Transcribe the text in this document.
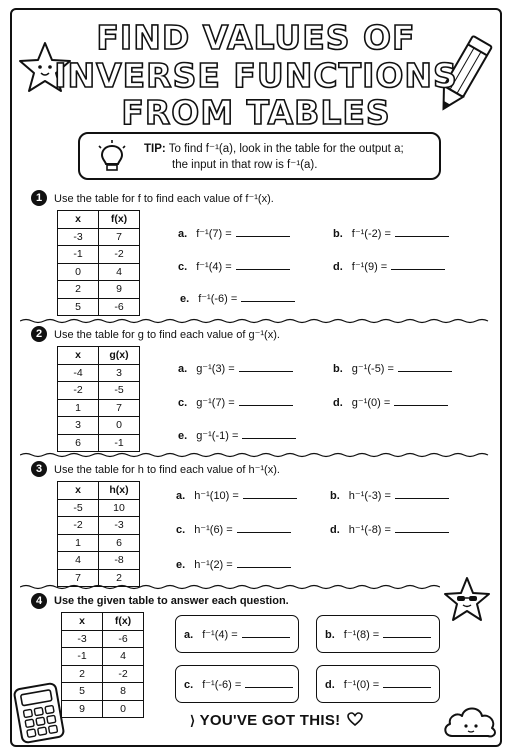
FIND VALUES OF
INVERSE FUNCTIONS
FROM TABLES
TIP: To find f⁻¹(a), look in the table for the output a;
the input in that row is f⁻¹(a).
1	Use the table for f to find each value of f⁻¹(x).
x	f(x)
-3	7
-1	-2
0	4
2	9
5	-6
a. f⁻¹(7) =	b. f⁻¹(-2) =
c. f⁻¹(4) =	d. f⁻¹(9) =
e. f⁻¹(-6) =
2	Use the table for g to find each value of g⁻¹(x).
x	g(x)
-4	3
-2	-5
1	7
3	0
6	-1
a. g⁻¹(3) =	b. g⁻¹(-5) =
c. g⁻¹(7) =	d. g⁻¹(0) =
e. g⁻¹(-1) =
3	Use the table for h to find each value of h⁻¹(x).
x	h(x)
-5	10
-2	-3
1	6
4	-8
7	2
a. h⁻¹(10) =	b. h⁻¹(-3) =
c. h⁻¹(6) =	d. h⁻¹(-8) =
e. h⁻¹(2) =
4	Use the given table to answer each question.
x	f(x)
-3	-6
-1	4
2	-2
5	8
9	0
a. f⁻¹(4) =	b. f⁻¹(8) =
c. f⁻¹(-6) =	d. f⁻¹(0) =
⟩ YOU'VE GOT THIS!
